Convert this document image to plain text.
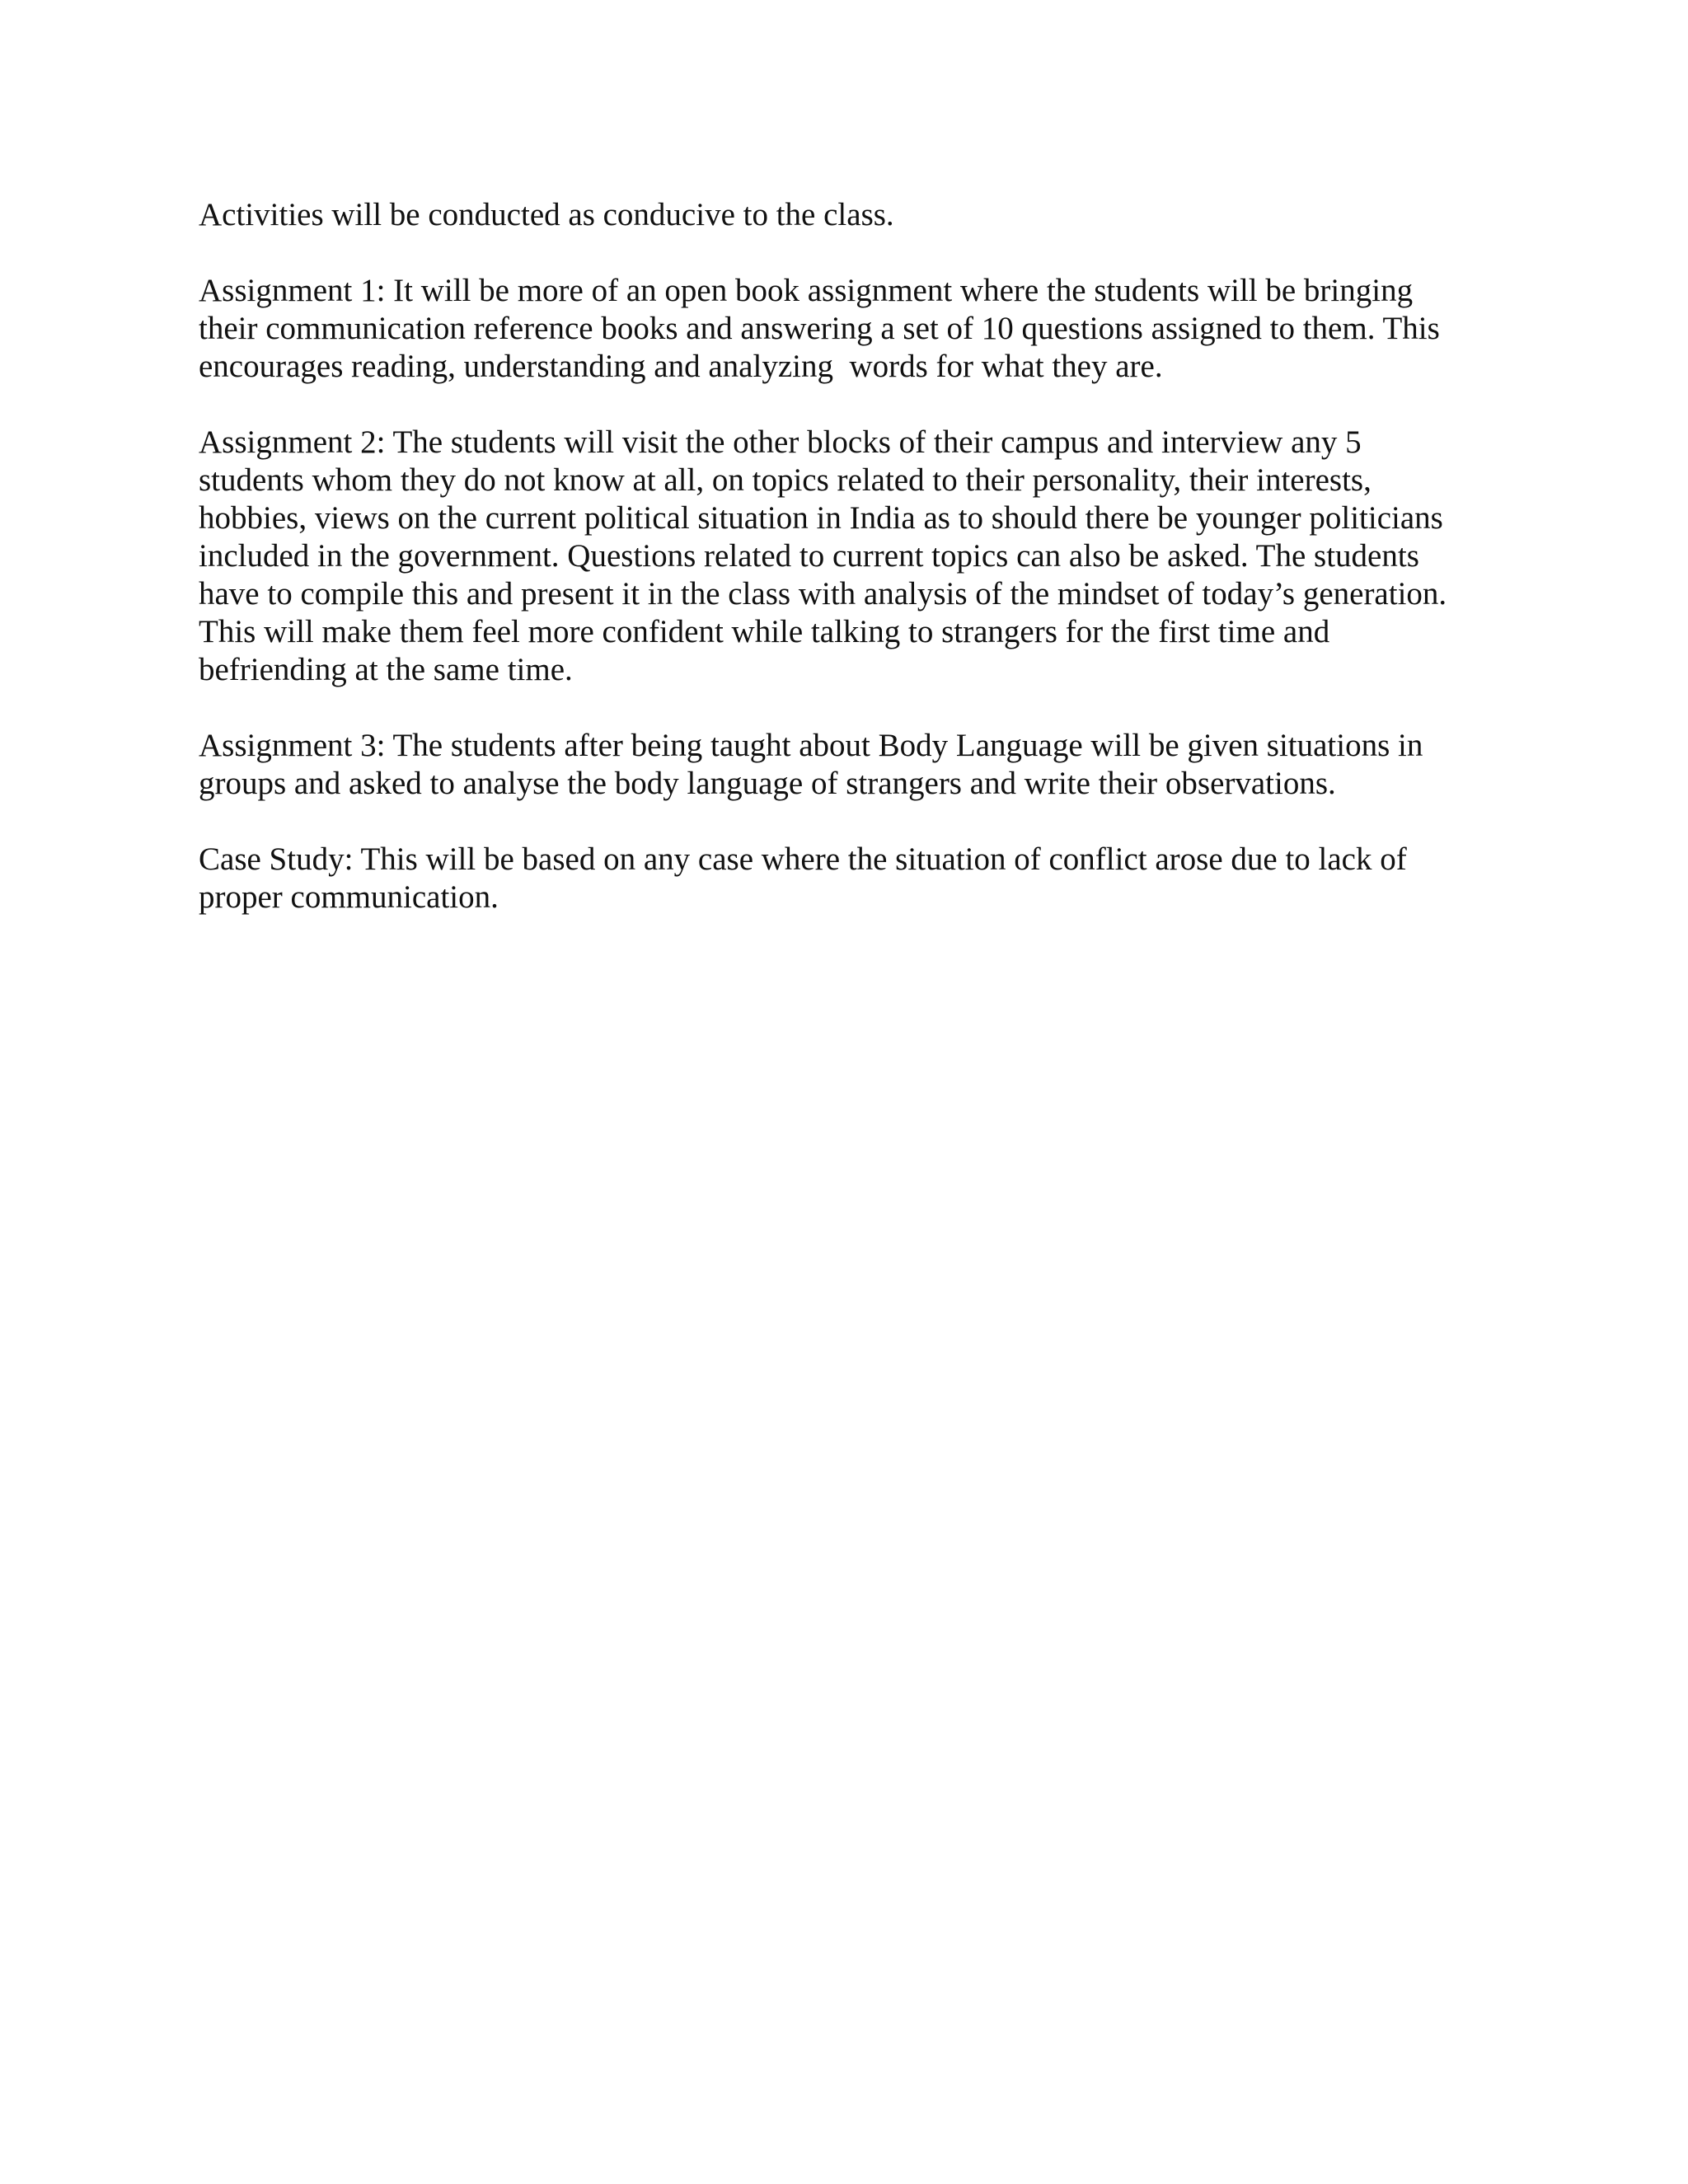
Activities will be conducted as conducive to the class.

Assignment 1: It will be more of an open book assignment where the students will be bringing
their communication reference books and answering a set of 10 questions assigned to them. This
encourages reading, understanding and analyzing  words for what they are.

Assignment 2: The students will visit the other blocks of their campus and interview any 5
students whom they do not know at all, on topics related to their personality, their interests,
hobbies, views on the current political situation in India as to should there be younger politicians
included in the government. Questions related to current topics can also be asked. The students
have to compile this and present it in the class with analysis of the mindset of today’s generation.
This will make them feel more confident while talking to strangers for the first time and
befriending at the same time.

Assignment 3: The students after being taught about Body Language will be given situations in
groups and asked to analyse the body language of strangers and write their observations.

Case Study: This will be based on any case where the situation of conflict arose due to lack of
proper communication.
